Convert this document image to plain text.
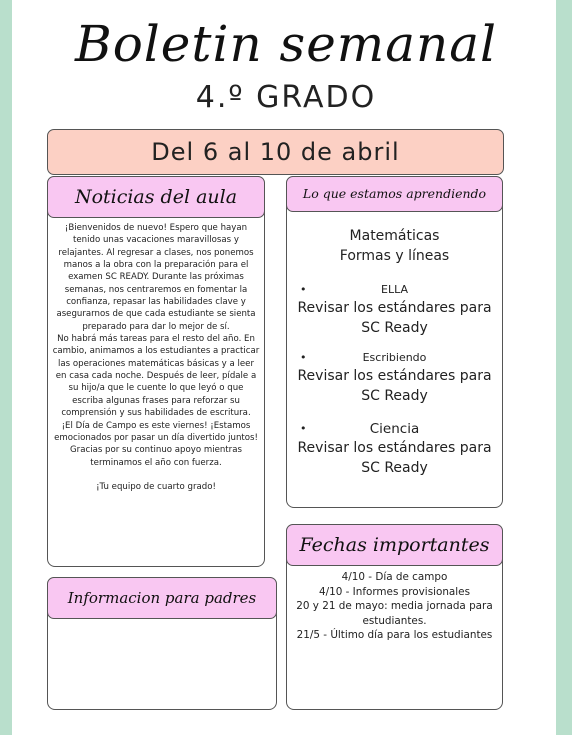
Boletin semanal
4.º GRADO
Del 6 al 10 de abril
Noticias del aula

¡Bienvenidos de nuevo! Espero que hayan tenido unas vacaciones maravillosas y relajantes. Al regresar a clases, nos ponemos manos a la obra con la preparación para el examen SC READY. Durante las próximas semanas, nos centraremos en fomentar la confianza, repasar las habilidades clave y asegurarnos de que cada estudiante se sienta preparado para dar lo mejor de sí.

No habrá más tareas para el resto del año. En cambio, animamos a los estudiantes a practicar las operaciones matemáticas básicas y a leer en casa cada noche. Después de leer, pídale a su hijo/a que le cuente lo que leyó o que escriba algunas frases para reforzar su comprensión y sus habilidades de escritura.

¡El Día de Campo es este viernes! ¡Estamos emocionados por pasar un día divertido juntos! Gracias por su continuo apoyo mientras terminamos el año con fuerza.

¡Tu equipo de cuarto grado!

Lo que estamos aprendiendo
Matemáticas
Formas y líneas
•	ELLA
Revisar los estándares para SC Ready
•	Escribiendo
Revisar los estándares para SC Ready
•	Ciencia
Revisar los estándares para SC Ready
Informacion para padres
Fechas importantes

4/10 - Día de campo

4/10 - Informes provisionales

20 y 21 de mayo: media jornada para estudiantes.

21/5 - Último día para los estudiantes
